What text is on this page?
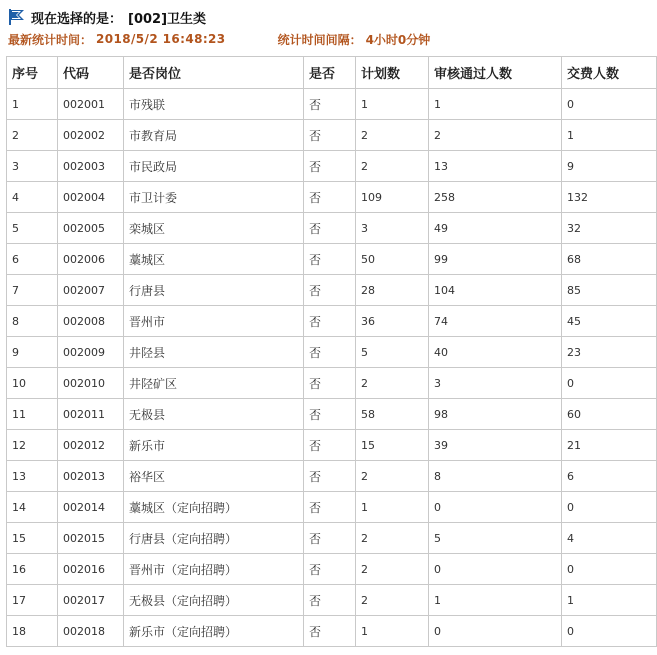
现在选择的是： [002]卫生类
最新统计时间： 2018/5/2 16:48:23	统计时间间隔： 4小时0分钟
序号	代码	是否岗位	是否	计划数	审核通过人数	交费人数
1	002001	市残联	否	1	1	0
2	002002	市教育局	否	2	2	1
3	002003	市民政局	否	2	13	9
4	002004	市卫计委	否	109	258	132
5	002005	栾城区	否	3	49	32
6	002006	藁城区	否	50	99	68
7	002007	行唐县	否	28	104	85
8	002008	晋州市	否	36	74	45
9	002009	井陉县	否	5	40	23
10	002010	井陉矿区	否	2	3	0
11	002011	无极县	否	58	98	60
12	002012	新乐市	否	15	39	21
13	002013	裕华区	否	2	8	6
14	002014	藁城区（定向招聘）	否	1	0	0
15	002015	行唐县（定向招聘）	否	2	5	4
16	002016	晋州市（定向招聘）	否	2	0	0
17	002017	无极县（定向招聘）	否	2	1	1
18	002018	新乐市（定向招聘）	否	1	0	0
